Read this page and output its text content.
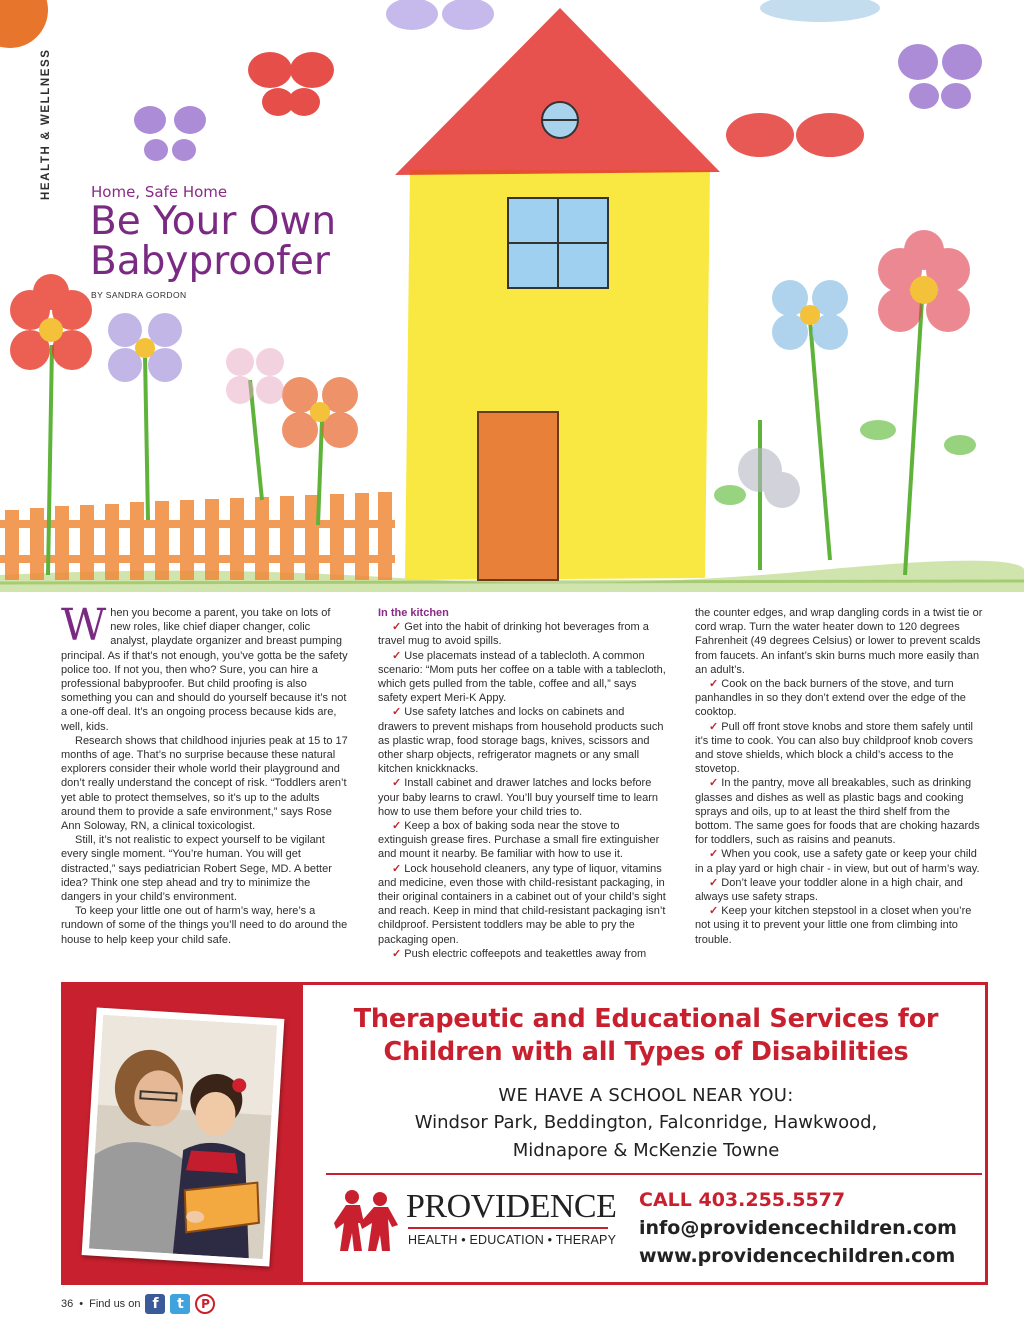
Home, Safe Home
Be Your Own
Babyproofer
BY SANDRA GORDON

When you become a parent, you take on lots of new roles, like chief diaper changer, colic analyst, playdate organizer and breast pumping principal. As if that’s not enough, you’ve gotta be the safety police too. If not you, then who? Sure, you can hire a professional babyproofer. But child proofing is also something you can and should do yourself because it’s not a one-off deal. It’s an ongoing process because kids are, well, kids.

Research shows that childhood injuries peak at 15 to 17 months of age. That’s no surprise because these natural explorers consider their whole world their playground and don’t really understand the concept of risk. “Toddlers aren’t yet able to protect themselves, so it’s up to the adults around them to provide a safe environment,” says Rose Ann Soloway, RN, a clinical toxicologist.

Still, it’s not realistic to expect yourself to be vigilant every single moment. “You’re human. You will get distracted,” says pediatrician Robert Sege, MD. A better idea? Think one step ahead and try to minimize the dangers in your child’s environment.

To keep your little one out of harm’s way, here’s a rundown of some of the things you’ll need to do around the house to help keep your child safe.

In the kitchen

✓ Get into the habit of drinking hot beverages from a travel mug to avoid spills.

✓ Use placemats instead of a tablecloth. A common scenario: “Mom puts her coffee on a table with a tablecloth, which gets pulled from the table, coffee and all,” says safety expert Meri-K Appy.

✓ Use safety latches and locks on cabinets and drawers to prevent mishaps from household products such as plastic wrap, food storage bags, knives, scissors and other sharp objects, refrigerator magnets or any small kitchen knickknacks.

✓ Install cabinet and drawer latches and locks before your baby learns to crawl. You’ll buy yourself time to learn how to use them before your child tries to.

✓ Keep a box of baking soda near the stove to extinguish grease fires. Purchase a small fire extinguisher and mount it nearby. Be familiar with how to use it.

✓ Lock household cleaners, any type of liquor, vitamins and medicine, even those with child-resistant packaging, in their original containers in a cabinet out of your child’s sight and reach. Keep in mind that child-resistant packaging isn’t childproof. Persistent toddlers may be able to pry the packaging open.

✓ Push electric coffeepots and teakettles away from

the counter edges, and wrap dangling cords in a twist tie or cord wrap. Turn the water heater down to 120 degrees Fahrenheit (49 degrees Celsius) or lower to prevent scalds from faucets. An infant’s skin burns much more easily than an adult’s.

✓ Cook on the back burners of the stove, and turn panhandles in so they don’t extend over the edge of the cooktop.

✓ Pull off front stove knobs and store them safely until it’s time to cook. You can also buy childproof knob covers and stove shields, which block a child’s access to the stovetop.

✓ In the pantry, move all breakables, such as drinking glasses and dishes as well as plastic bags and cooking sprays and oils, up to at least the third shelf from the bottom. The same goes for foods that are choking hazards for toddlers, such as raisins and peanuts.

✓ When you cook, use a safety gate or keep your child in a play yard or high chair - in view, but out of harm’s way.

✓ Don’t leave your toddler alone in a high chair, and always use safety straps.

✓ Keep your kitchen stepstool in a closet when you’re not using it to prevent your little one from climbing into trouble.

Therapeutic and Educational Services for
Children with all Types of Disabilities
WE HAVE A SCHOOL NEAR YOU:
Windsor Park, Beddington, Falconridge, Hawkwood,
Midnapore & McKenzie Towne
PROVIDENCE
HEALTH • EDUCATION • THERAPY
CALL 403.255.5577
info@providencechildren.com
www.providencechildren.com
36 • Find us on f	t	P
